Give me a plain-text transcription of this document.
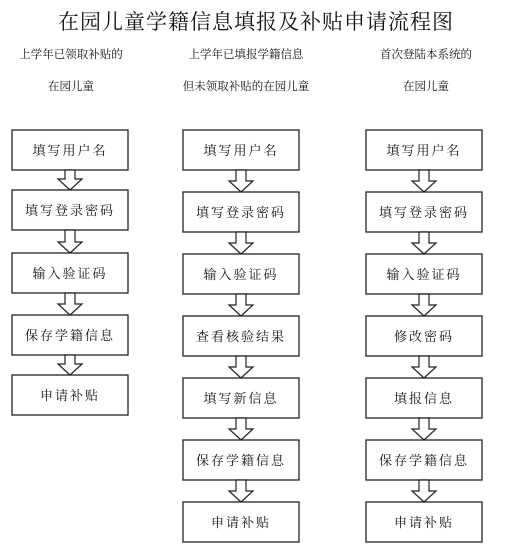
在园儿童学籍信息填报及补贴申请流程图
上学年已领取补贴的
在园儿童
上学年已填报学籍信息
但未领取补贴的在园儿童
首次登陆本系统的
在园儿童
填写用户名
填写登录密码
输入验证码
保存学籍信息
申请补贴
填写用户名
填写登录密码
输入验证码
查看核验结果
填写新信息
保存学籍信息
申请补贴
填写用户名
填写登录密码
输入验证码
修改密码
填报信息
保存学籍信息
申请补贴
